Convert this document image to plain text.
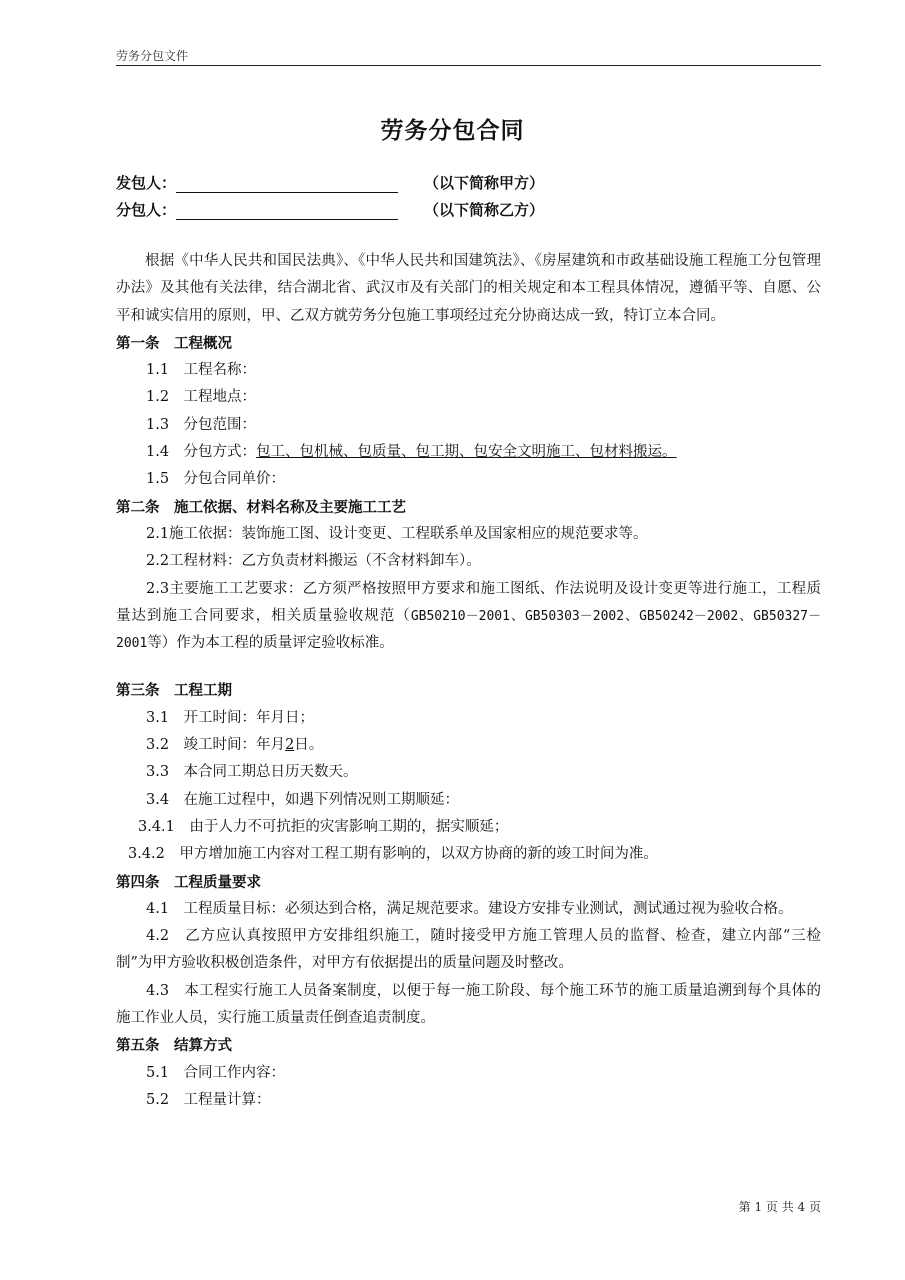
劳务分包文件
劳务分包合同
发包人：	（以下简称甲方）
分包人：	（以下简称乙方）
根据《中华人民共和国民法典》、《中华人民共和国建筑法》、《房屋建筑和市政基础设施工程施工分包管理办法》及其他有关法律，结合湖北省、武汉市及有关部门的相关规定和本工程具体情况，遵循平等、自愿、公平和诚实信用的原则，甲、乙双方就劳务分包施工事项经过充分协商达成一致，特订立本合同。
第一条　工程概况
1.1　工程名称：
1.2　工程地点：
1.3　分包范围：
1.4　分包方式：包工、包机械、包质量、包工期、包安全文明施工、包材料搬运。
1.5　分包合同单价：
第二条　施工依据、材料名称及主要施工工艺
2.1施工依据：装饰施工图、设计变更、工程联系单及国家相应的规范要求等。
2.2工程材料：乙方负责材料搬运（不含材料卸车）。
2.3主要施工工艺要求：乙方须严格按照甲方要求和施工图纸、作法说明及设计变更等进行施工，工程质量达到施工合同要求，相关质量验收规范（GB50210－2001、GB50303－2002、GB50242－2002、GB50327－2001等）作为本工程的质量评定验收标准。
第三条　工程工期
3.1　开工时间：年月日；
3.2　竣工时间：年月2日。
3.3　本合同工期总日历天数天。
3.4　在施工过程中，如遇下列情况则工期顺延：
3.4.1　由于人力不可抗拒的灾害影响工期的，据实顺延；
3.4.2　甲方增加施工内容对工程工期有影响的，以双方协商的新的竣工时间为准。
第四条　工程质量要求
4.1　工程质量目标：必须达到合格，满足规范要求。建设方安排专业测试，测试通过视为验收合格。
4.2　乙方应认真按照甲方安排组织施工，随时接受甲方施工管理人员的监督、检查，建立内部“三检制”为甲方验收积极创造条件，对甲方有依据提出的质量问题及时整改。
4.3　本工程实行施工人员备案制度，以便于每一施工阶段、每个施工环节的施工质量追溯到每个具体的施工作业人员，实行施工质量责任倒查追责制度。
第五条　结算方式
5.1　合同工作内容：
5.2　工程量计算：
第 1 页 共 4 页
